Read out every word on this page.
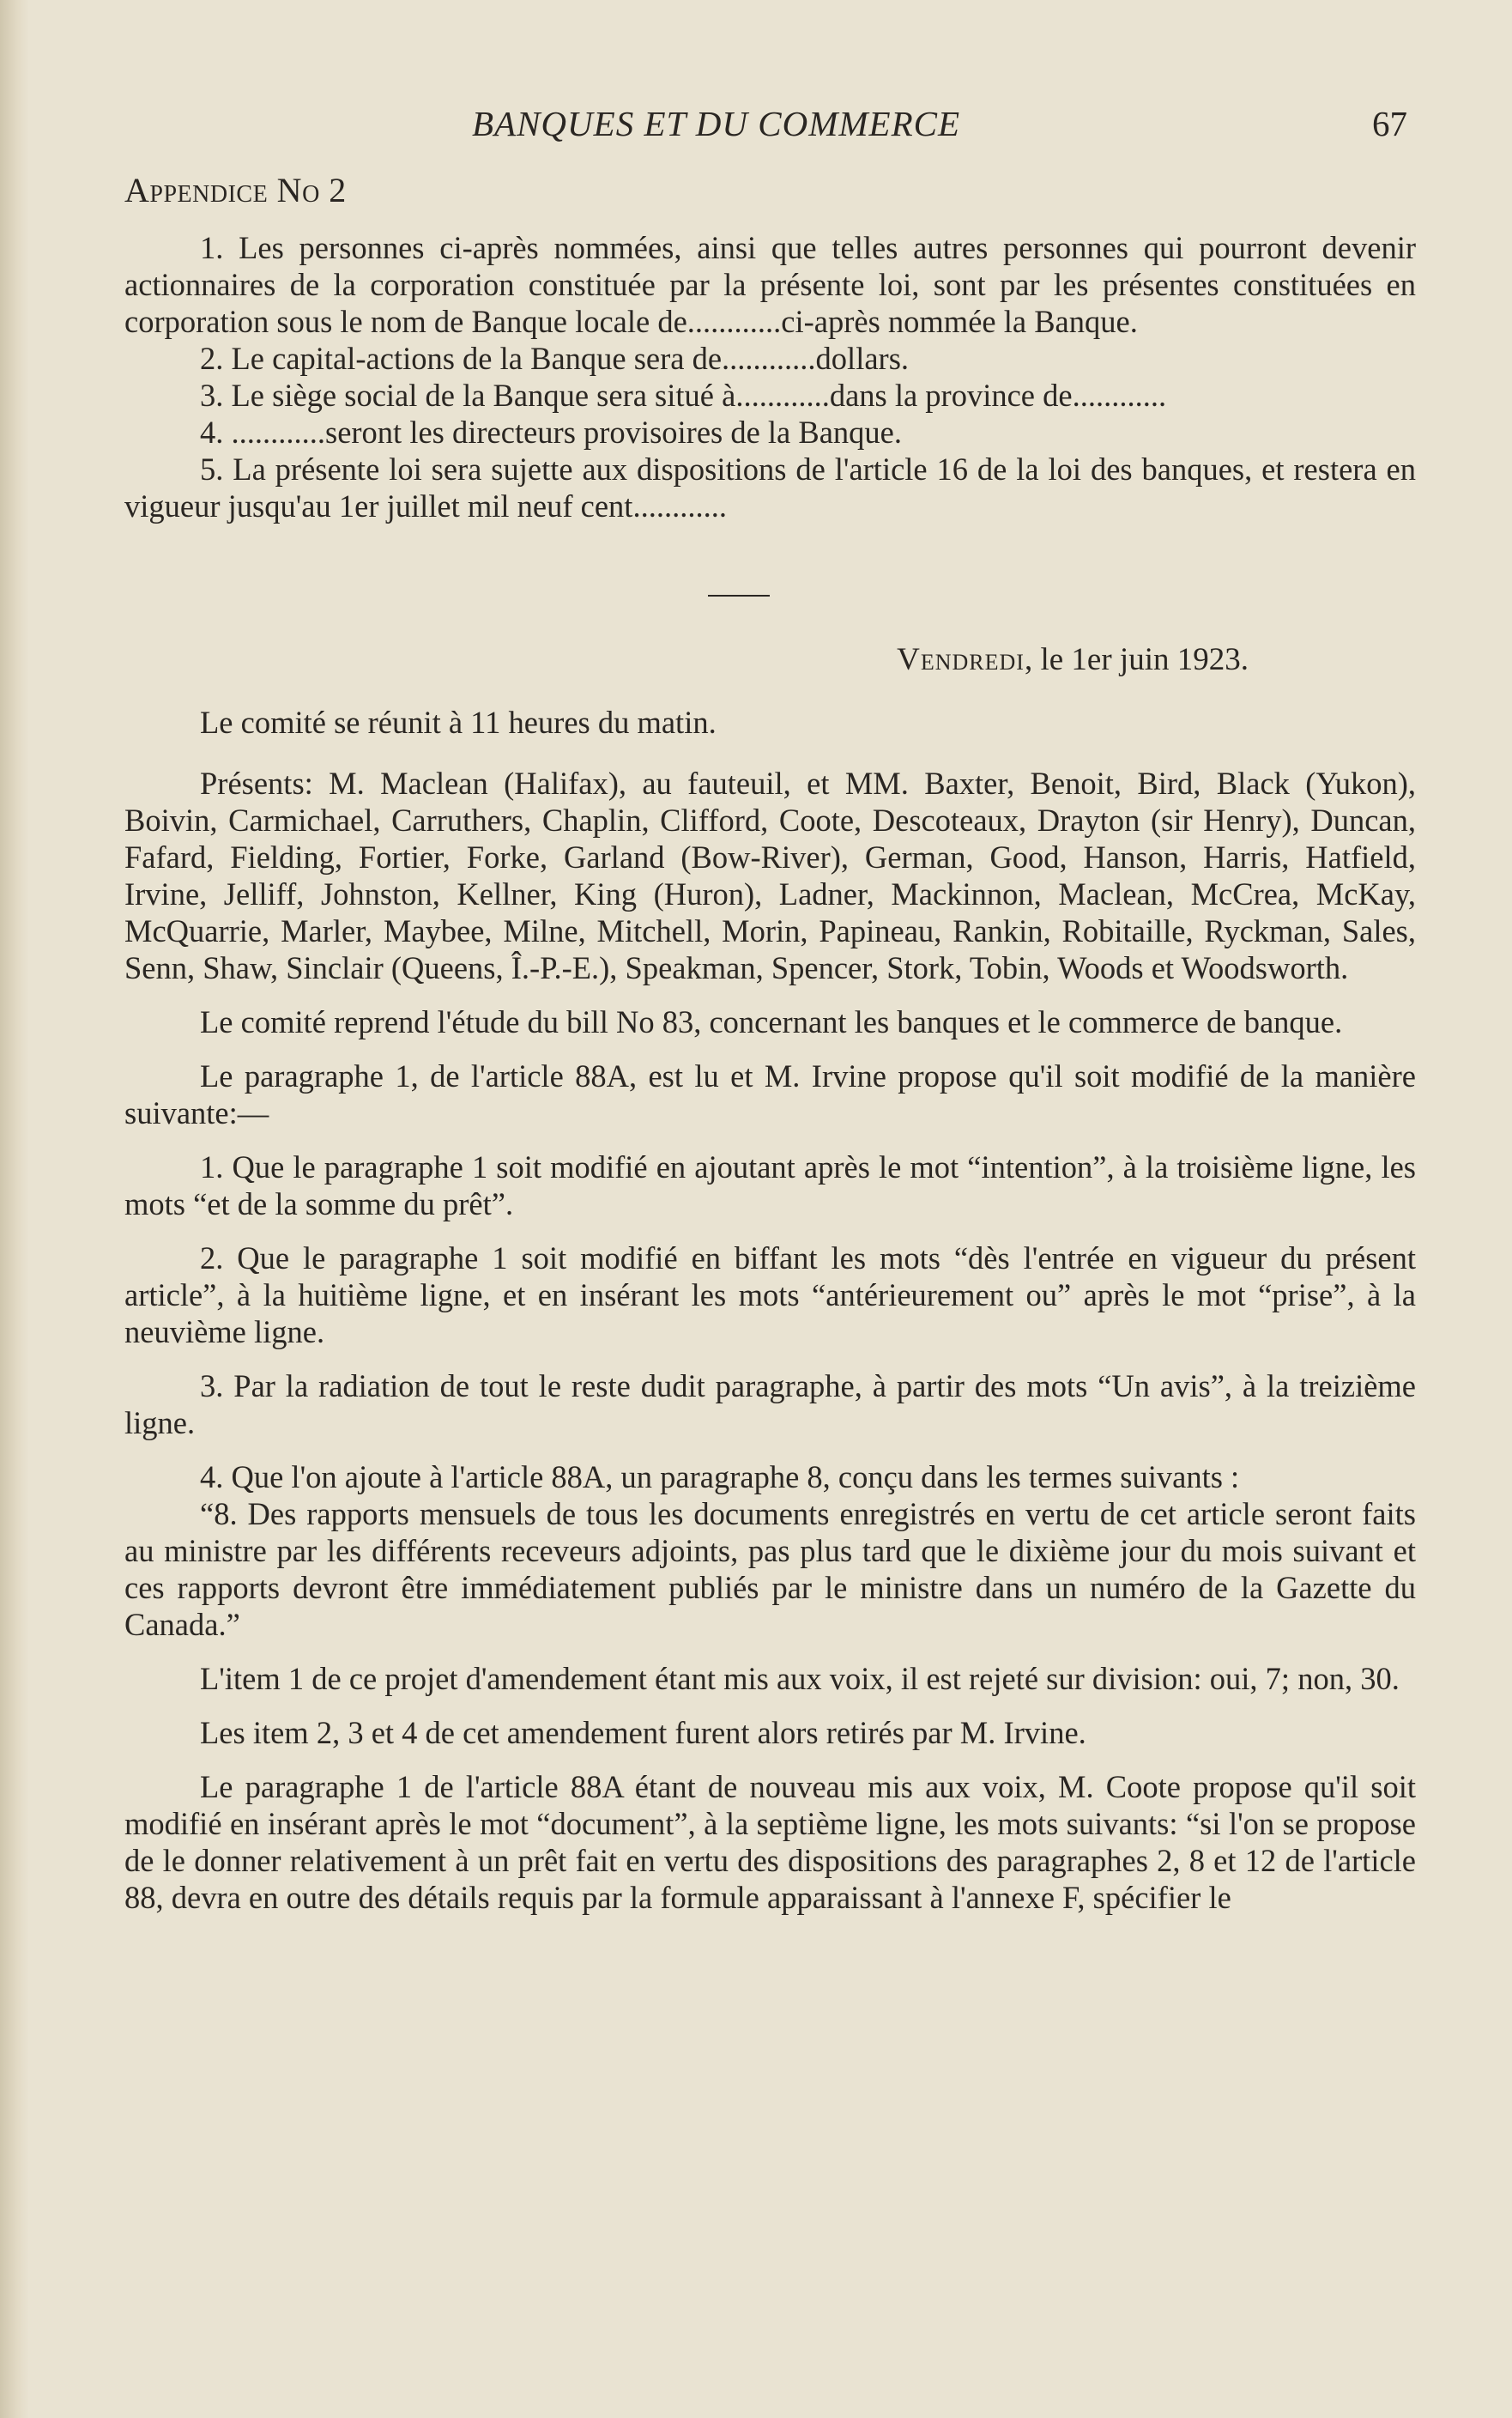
BANQUES ET DU COMMERCE	67
Appendice No 2

1. Les personnes ci-après nommées, ainsi que telles autres personnes qui pourront devenir actionnaires de la corporation constituée par la présente loi, sont par les présentes constituées en corporation sous le nom de Banque locale de............ci-après nommée la Banque.

2. Le capital-actions de la Banque sera de............dollars.

3. Le siège social de la Banque sera situé à............dans la province de............

4. ............seront les directeurs provisoires de la Banque.

5. La présente loi sera sujette aux dispositions de l'article 16 de la loi des banques, et restera en vigueur jusqu'au 1er juillet mil neuf cent............

Vendredi, le 1er juin 1923.

Le comité se réunit à 11 heures du matin.

Présents: M. Maclean (Halifax), au fauteuil, et MM. Baxter, Benoit, Bird, Black (Yukon), Boivin, Carmichael, Carruthers, Chaplin, Clifford, Coote, Descoteaux, Drayton (sir Henry), Duncan, Fafard, Fielding, Fortier, Forke, Garland (Bow-River), German, Good, Hanson, Harris, Hatfield, Irvine, Jelliff, Johnston, Kellner, King (Huron), Ladner, Mackinnon, Maclean, McCrea, McKay, McQuarrie, Marler, Maybee, Milne, Mitchell, Morin, Papineau, Rankin, Robitaille, Ryckman, Sales, Senn, Shaw, Sinclair (Queens, Î.-P.-E.), Speakman, Spencer, Stork, Tobin, Woods et Woodsworth.

Le comité reprend l'étude du bill No 83, concernant les banques et le commerce de banque.

Le paragraphe 1, de l'article 88A, est lu et M. Irvine propose qu'il soit modifié de la manière suivante:—

1. Que le paragraphe 1 soit modifié en ajoutant après le mot “intention”, à la troisième ligne, les mots “et de la somme du prêt”.

2. Que le paragraphe 1 soit modifié en biffant les mots “dès l'entrée en vigueur du présent article”, à la huitième ligne, et en insérant les mots “antérieurement ou” après le mot “prise”, à la neuvième ligne.

3. Par la radiation de tout le reste dudit paragraphe, à partir des mots “Un avis”, à la treizième ligne.

4. Que l'on ajoute à l'article 88A, un paragraphe 8, conçu dans les termes suivants :

“8. Des rapports mensuels de tous les documents enregistrés en vertu de cet article seront faits au ministre par les différents receveurs adjoints, pas plus tard que le dixième jour du mois suivant et ces rapports devront être immédiatement publiés par le ministre dans un numéro de la Gazette du Canada.”

L'item 1 de ce projet d'amendement étant mis aux voix, il est rejeté sur division: oui, 7; non, 30.

Les item 2, 3 et 4 de cet amendement furent alors retirés par M. Irvine.

Le paragraphe 1 de l'article 88A étant de nouveau mis aux voix, M. Coote propose qu'il soit modifié en insérant après le mot “document”, à la septième ligne, les mots suivants: “si l'on se propose de le donner relativement à un prêt fait en vertu des dispositions des paragraphes 2, 8 et 12 de l'article 88, devra en outre des détails requis par la formule apparaissant à l'annexe F, spécifier le
